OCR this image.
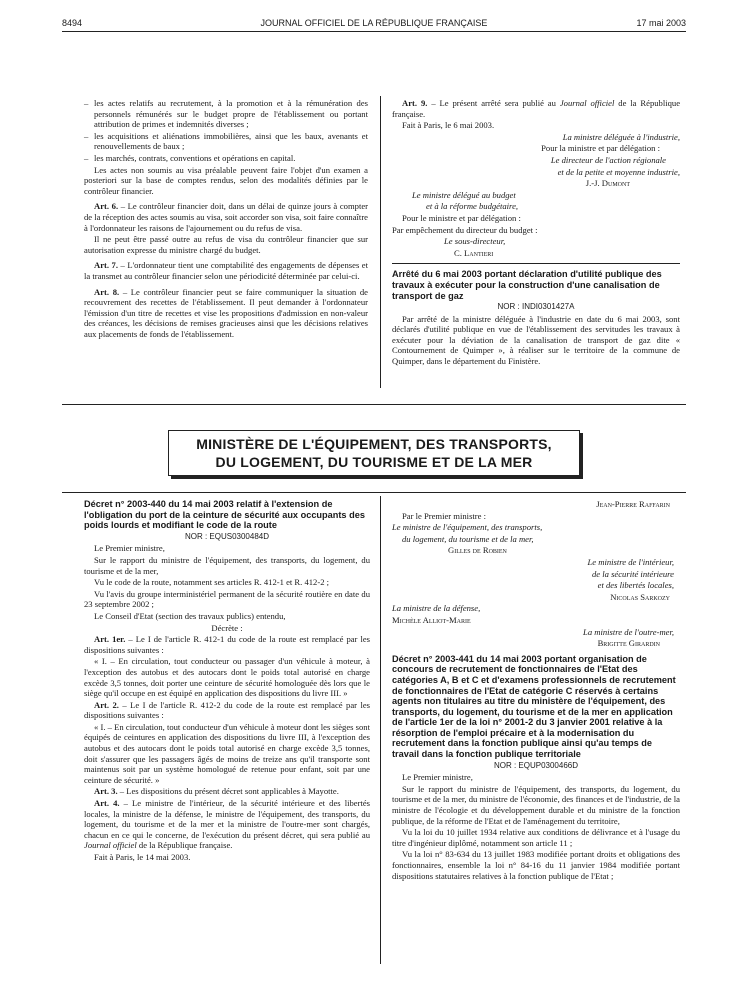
8494	JOURNAL OFFICIEL DE LA RÉPUBLIQUE FRANÇAISE	17 mai 2003

– les actes relatifs au recrutement, à la promotion et à la rémunération des personnels rémunérés sur le budget propre de l'établissement ou portant attribution de primes et indemnités diverses ;

– les acquisitions et aliénations immobilières, ainsi que les baux, avenants et renouvellements de baux ;

– les marchés, contrats, conventions et opérations en capital.

Les actes non soumis au visa préalable peuvent faire l'objet d'un examen a posteriori sur la base de comptes rendus, selon des modalités définies par le contrôleur financier.

Art. 6. – Le contrôleur financier doit, dans un délai de quinze jours à compter de la réception des actes soumis au visa, soit accorder son visa, soit faire connaître à l'ordonnateur les raisons de l'ajournement ou du refus de visa.

Il ne peut être passé outre au refus de visa du contrôleur financier que sur autorisation expresse du ministre chargé du budget.

Art. 7. – L'ordonnateur tient une comptabilité des engagements de dépenses et la transmet au contrôleur financier selon une périodicité déterminée par celui-ci.

Art. 8. – Le contrôleur financier peut se faire communiquer la situation de recouvrement des recettes de l'établissement. Il peut demander à l'ordonnateur l'émission d'un titre de recettes et vise les propositions d'admission en non-valeur des créances, les décisions de remises gracieuses ainsi que les décisions relatives aux placements de fonds de l'établissement.

Art. 9. – Le présent arrêté sera publié au Journal officiel de la République française.

Fait à Paris, le 6 mai 2003.

La ministre déléguée à l'industrie,

Pour la ministre et par délégation :

Le directeur de l'action régionale

et de la petite et moyenne industrie,

J.-J. Dumont

Le ministre délégué au budget

et à la réforme budgétaire,

Pour le ministre et par délégation :

Par empêchement du directeur du budget :

Le sous-directeur,

C. Lantieri

Arrêté du 6 mai 2003 portant déclaration d'utilité publique des travaux à exécuter pour la construction d'une canalisation de transport de gaz

NOR : INDI0301427A

Par arrêté de la ministre déléguée à l'industrie en date du 6 mai 2003, sont déclarés d'utilité publique en vue de l'établissement des servitudes les travaux à exécuter pour la déviation de la canalisation de transport de gaz dite « Contournement de Quimper », à réaliser sur le territoire de la commune de Quimper, dans le département du Finistère.

MINISTÈRE DE L'ÉQUIPEMENT, DES TRANSPORTS,
DU LOGEMENT, DU TOURISME ET DE LA MER

Décret n° 2003-440 du 14 mai 2003 relatif à l'extension de l'obligation du port de la ceinture de sécurité aux occupants des poids lourds et modifiant le code de la route

NOR : EQUS0300484D

Le Premier ministre,

Sur le rapport du ministre de l'équipement, des transports, du logement, du tourisme et de la mer,

Vu le code de la route, notamment ses articles R. 412-1 et R. 412-2 ;

Vu l'avis du groupe interministériel permanent de la sécurité routière en date du 23 septembre 2002 ;

Le Conseil d'Etat (section des travaux publics) entendu,

Décrète :

Art. 1er. – Le I de l'article R. 412-1 du code de la route est remplacé par les dispositions suivantes :

« I. – En circulation, tout conducteur ou passager d'un véhicule à moteur, à l'exception des autobus et des autocars dont le poids total autorisé en charge excède 3,5 tonnes, doit porter une ceinture de sécurité homologuée dès lors que le siège qu'il occupe en est équipé en application des dispositions du livre III. »

Art. 2. – Le I de l'article R. 412-2 du code de la route est remplacé par les dispositions suivantes :

« I. – En circulation, tout conducteur d'un véhicule à moteur dont les sièges sont équipés de ceintures en application des dispositions du livre III, à l'exception des autobus et des autocars dont le poids total autorisé en charge excède 3,5 tonnes, doit s'assurer que les passagers âgés de moins de treize ans qu'il transporte sont maintenus soit par un système homologué de retenue pour enfant, soit par une ceinture de sécurité. »

Art. 3. – Les dispositions du présent décret sont applicables à Mayotte.

Art. 4. – Le ministre de l'intérieur, de la sécurité intérieure et des libertés locales, la ministre de la défense, le ministre de l'équipement, des transports, du logement, du tourisme et de la mer et la ministre de l'outre-mer sont chargés, chacun en ce qui le concerne, de l'exécution du présent décret, qui sera publié au Journal officiel de la République française.

Fait à Paris, le 14 mai 2003.

Jean-Pierre Raffarin

Par le Premier ministre :

Le ministre de l'équipement, des transports,

du logement, du tourisme et de la mer,

Gilles de Robien

Le ministre de l'intérieur,

de la sécurité intérieure

et des libertés locales,

Nicolas Sarkozy

La ministre de la défense,

Michèle Alliot-Marie

La ministre de l'outre-mer,

Brigitte Girardin

Décret n° 2003-441 du 14 mai 2003 portant organisation de concours de recrutement de fonctionnaires de l'Etat des catégories A, B et C et d'examens professionnels de recrutement de fonctionnaires de l'Etat de catégorie C réservés à certains agents non titulaires au titre du ministère de l'équipement, des transports, du logement, du tourisme et de la mer en application de l'article 1er de la loi n° 2001-2 du 3 janvier 2001 relative à la résorption de l'emploi précaire et à la modernisation du recrutement dans la fonction publique ainsi qu'au temps de travail dans la fonction publique territoriale

NOR : EQUP0300466D

Le Premier ministre,

Sur le rapport du ministre de l'équipement, des transports, du logement, du tourisme et de la mer, du ministre de l'économie, des finances et de l'industrie, de la ministre de l'écologie et du développement durable et du ministre de la fonction publique, de la réforme de l'Etat et de l'aménagement du territoire,

Vu la loi du 10 juillet 1934 relative aux conditions de délivrance et à l'usage du titre d'ingénieur diplômé, notamment son article 11 ;

Vu la loi n° 83-634 du 13 juillet 1983 modifiée portant droits et obligations des fonctionnaires, ensemble la loi n° 84-16 du 11 janvier 1984 modifiée portant dispositions statutaires relatives à la fonction publique de l'Etat ;
